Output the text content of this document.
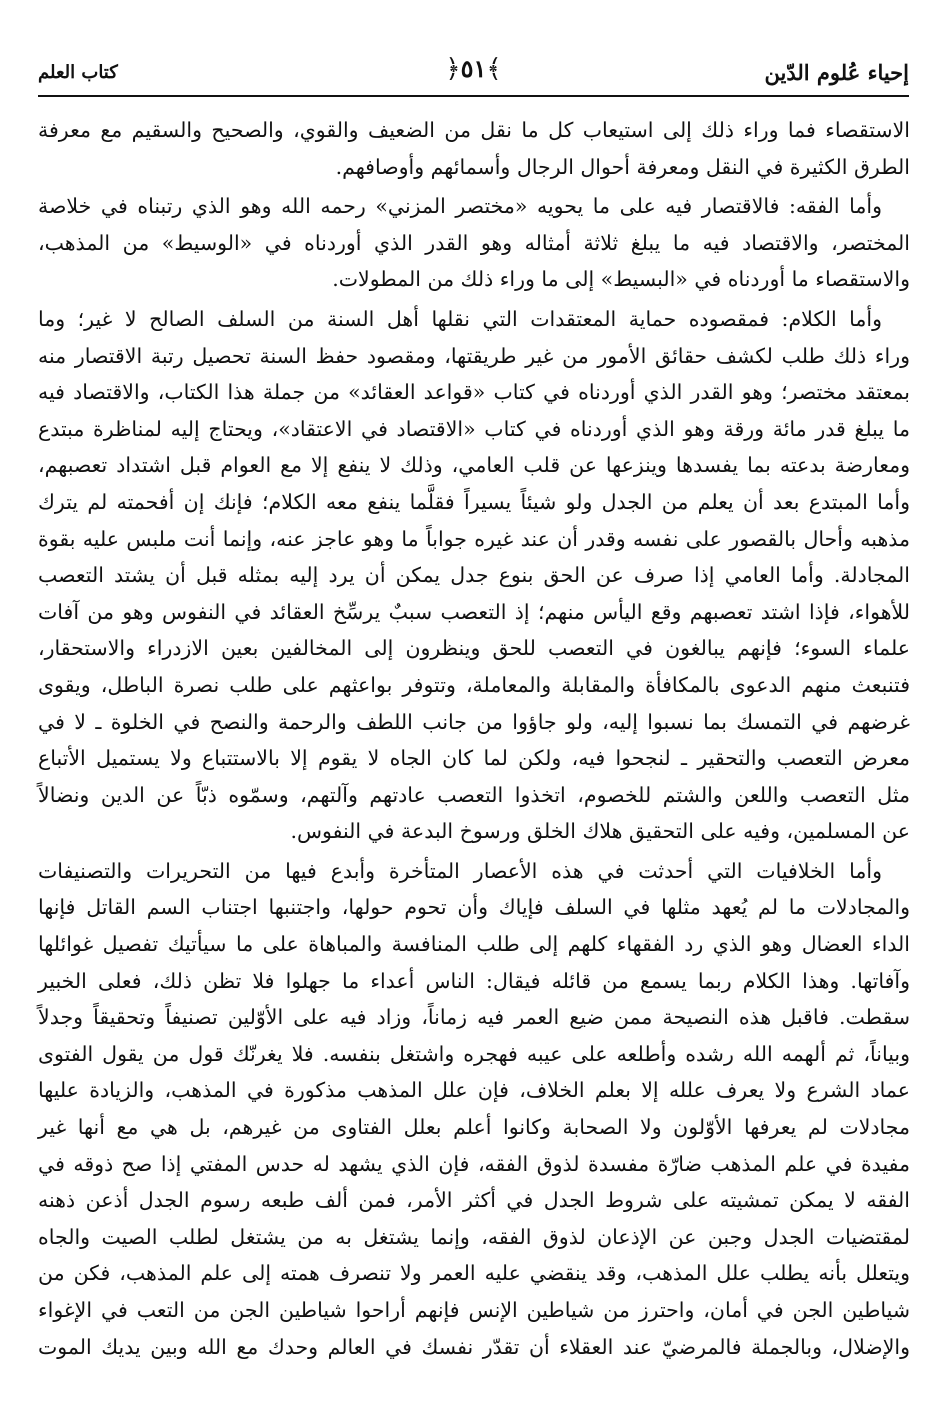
إحياء عُلوم الدّين
﴾٥١﴿
كتاب العلم
الاستقصاء فما وراء ذلك إلى استيعاب كل ما نقل من الضعيف والقوي، والصحيح والسقيم مع معرفة
الطرق الكثيرة في النقل ومعرفة أحوال الرجال وأسمائهم وأوصافهم.
وأما الفقه: فالاقتصار فيه على ما يحويه «مختصر المزني» رحمه الله وهو الذي رتبناه في خلاصة
المختصر، والاقتصاد فيه ما يبلغ ثلاثة أمثاله وهو القدر الذي أوردناه في «الوسيط» من المذهب،
والاستقصاء ما أوردناه في «البسيط» إلى ما وراء ذلك من المطولات.
وأما الكلام: فمقصوده حماية المعتقدات التي نقلها أهل السنة من السلف الصالح لا غير؛ وما
وراء ذلك طلب لكشف حقائق الأمور من غير طريقتها، ومقصود حفظ السنة تحصيل رتبة الاقتصار منه
بمعتقد مختصر؛ وهو القدر الذي أوردناه في كتاب «قواعد العقائد» من جملة هذا الكتاب، والاقتصاد فيه
ما يبلغ قدر مائة ورقة وهو الذي أوردناه في كتاب «الاقتصاد في الاعتقاد»، ويحتاج إليه لمناظرة مبتدع
ومعارضة بدعته بما يفسدها وينزعها عن قلب العامي، وذلك لا ينفع إلا مع العوام قبل اشتداد تعصبهم،
وأما المبتدع بعد أن يعلم من الجدل ولو شيئاً يسيراً فقلَّما ينفع معه الكلام؛ فإنك إن أفحمته لم يترك
مذهبه وأحال بالقصور على نفسه وقدر أن عند غيره جواباً ما وهو عاجز عنه، وإنما أنت ملبس عليه بقوة
المجادلة. وأما العامي إذا صرف عن الحق بنوع جدل يمكن أن يرد إليه بمثله قبل أن يشتد التعصب
للأهواء، فإذا اشتد تعصبهم وقع اليأس منهم؛ إذ التعصب سببٌ يرسِّخ العقائد في النفوس وهو من آفات
علماء السوء؛ فإنهم يبالغون في التعصب للحق وينظرون إلى المخالفين بعين الازدراء والاستحقار،
فتنبعث منهم الدعوى بالمكافأة والمقابلة والمعاملة، وتتوفر بواعثهم على طلب نصرة الباطل، ويقوى
غرضهم في التمسك بما نسبوا إليه، ولو جاؤوا من جانب اللطف والرحمة والنصح في الخلوة ـ لا في
معرض التعصب والتحقير ـ لنجحوا فيه، ولكن لما كان الجاه لا يقوم إلا بالاستتباع ولا يستميل الأتباع
مثل التعصب واللعن والشتم للخصوم، اتخذوا التعصب عادتهم وآلتهم، وسمّوه ذبّاً عن الدين ونضالاً
عن المسلمين، وفيه على التحقيق هلاك الخلق ورسوخ البدعة في النفوس.
وأما الخلافيات التي أحدثت في هذه الأعصار المتأخرة وأبدع فيها من التحريرات والتصنيفات
والمجادلات ما لم يُعهد مثلها في السلف فإياك وأن تحوم حولها، واجتنبها اجتناب السم القاتل فإنها
الداء العضال وهو الذي رد الفقهاء كلهم إلى طلب المنافسة والمباهاة على ما سيأتيك تفصيل غوائلها
وآفاتها. وهذا الكلام ربما يسمع من قائله فيقال: الناس أعداء ما جهلوا فلا تظن ذلك، فعلى الخبير
سقطت. فاقبل هذه النصيحة ممن ضيع العمر فيه زماناً، وزاد فيه على الأوّلين تصنيفاً وتحقيقاً وجدلاً
وبياناً، ثم ألهمه الله رشده وأطلعه على عيبه فهجره واشتغل بنفسه. فلا يغرنّك قول من يقول الفتوى
عماد الشرع ولا يعرف علله إلا بعلم الخلاف، فإن علل المذهب مذكورة في المذهب، والزيادة عليها
مجادلات لم يعرفها الأوّلون ولا الصحابة وكانوا أعلم بعلل الفتاوى من غيرهم، بل هي مع أنها غير
مفيدة في علم المذهب ضارّة مفسدة لذوق الفقه، فإن الذي يشهد له حدس المفتي إذا صح ذوقه في
الفقه لا يمكن تمشيته على شروط الجدل في أكثر الأمر، فمن ألف طبعه رسوم الجدل أذعن ذهنه
لمقتضيات الجدل وجبن عن الإذعان لذوق الفقه، وإنما يشتغل به من يشتغل لطلب الصيت والجاه
ويتعلل بأنه يطلب علل المذهب، وقد ينقضي عليه العمر ولا تنصرف همته إلى علم المذهب، فكن من
شياطين الجن في أمان، واحترز من شياطين الإنس فإنهم أراحوا شياطين الجن من التعب في الإغواء
والإضلال، وبالجملة فالمرضيّ عند العقلاء أن تقدّر نفسك في العالم وحدك مع الله وبين يديك الموت
